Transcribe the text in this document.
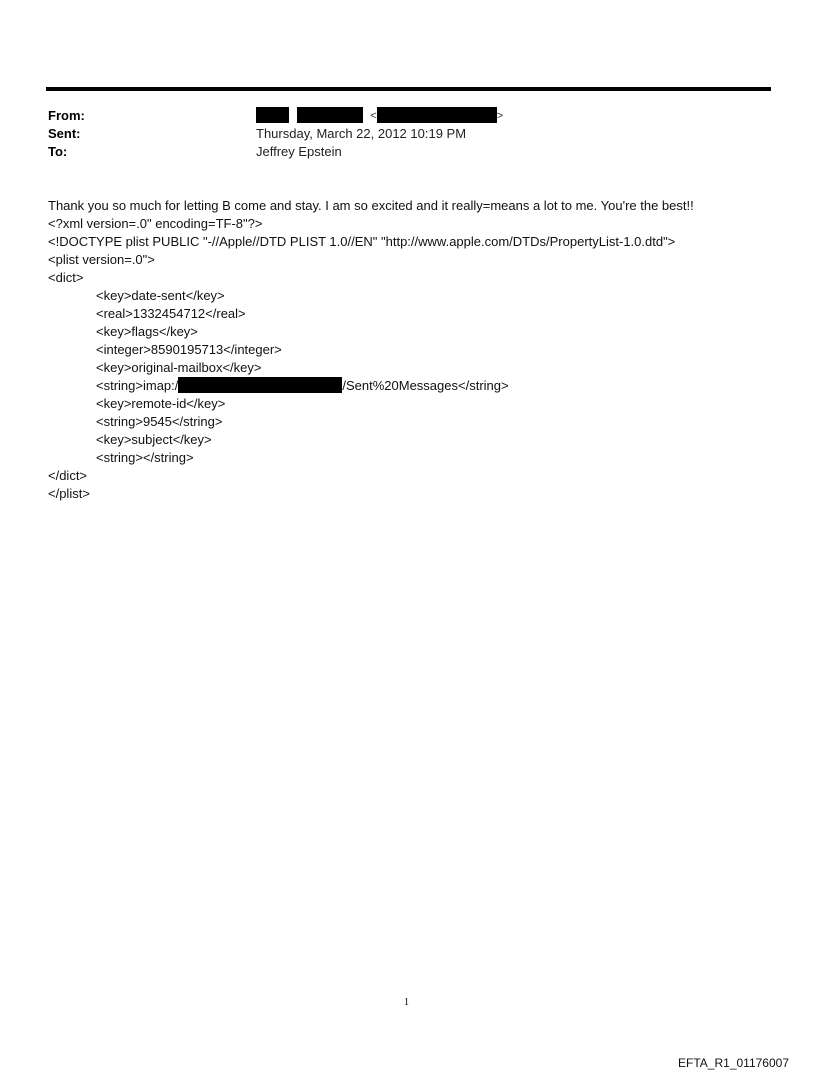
From:
Sent:
To:
<	>
Thursday, March 22, 2012 10:19 PM
Jeffrey Epstein
Thank you so much for letting B come and stay. I am so excited and it really=means a lot to me. You're the best!!
<?xml version=.0" encoding=TF-8"?>
<!DOCTYPE plist PUBLIC "-//Apple//DTD PLIST 1.0//EN" "http://www.apple.com/DTDs/PropertyList-1.0.dtd">
<plist version=.0">
<dict>
<key>date-sent</key>
<real>1332454712</real>
<key>flags</key>
<integer>8590195713</integer>
<key>original-mailbox</key>
<string>imap:/	/Sent%20Messages</string>
<key>remote-id</key>
<string>9545</string>
<key>subject</key>
<string></string>
</dict>
</plist>
1
EFTA_R1_01176007
